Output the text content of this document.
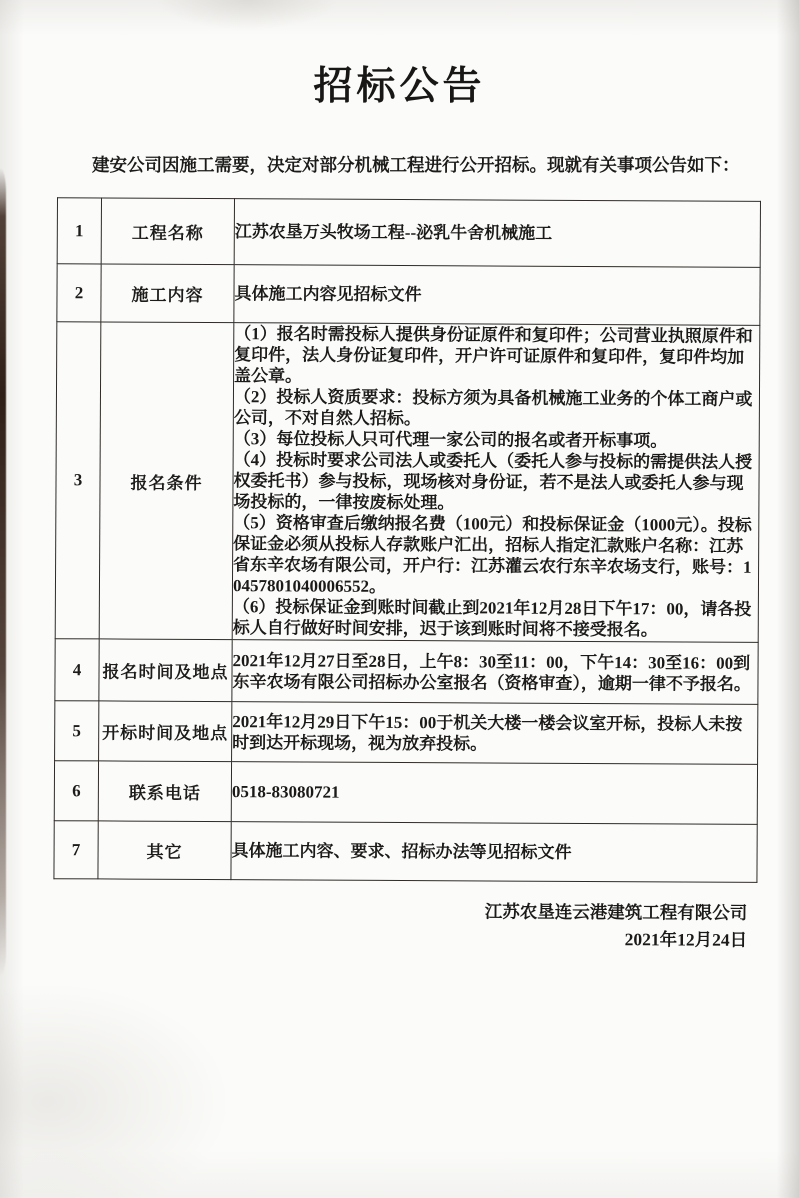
招标公告

建安公司因施工需要，决定对部分机械工程进行公开招标。现就有关事项公告如下：

1	工程名称	江苏农垦万头牧场工程--泌乳牛舍机械施工

2	施工内容	具体施工内容见招标文件

3	报名条件	

（1）报名时需投标人提供身份证原件和复印件；公司营业执照原件和复印件，法人身份证复印件，开户许可证原件和复印件，复印件均加盖公章。

（2）投标人资质要求：投标方须为具备机械施工业务的个体工商户或公司，不对自然人招标。

（3）每位投标人只可代理一家公司的报名或者开标事项。

（4）投标时要求公司法人或委托人（委托人参与投标的需提供法人授权委托书）参与投标，现场核对身份证，若不是法人或委托人参与现场投标的，一律按废标处理。

（5）资格审查后缴纳报名费（100元）和投标保证金（1000元）。投标保证金必须从投标人存款账户汇出，招标人指定汇款账户名称：江苏省东辛农场有限公司，开户行：江苏灌云农行东辛农场支行，账号：10457801040006552。

（6）投标保证金到账时间截止到2021年12月28日下午17：00，请各投标人自行做好时间安排，迟于该到账时间将不接受报名。

4	报名时间及地点	2021年12月27日至28日，上午8：30至11：00，下午14：30至16：00到东辛农场有限公司招标办公室报名（资格审查），逾期一律不予报名。

5	开标时间及地点	2021年12月29日下午15：00于机关大楼一楼会议室开标，投标人未按时到达开标现场，视为放弃投标。

6	联系电话	0518-83080721

7	其它	具体施工内容、要求、招标办法等见招标文件

江苏农垦连云港建筑工程有限公司
2021年12月24日
